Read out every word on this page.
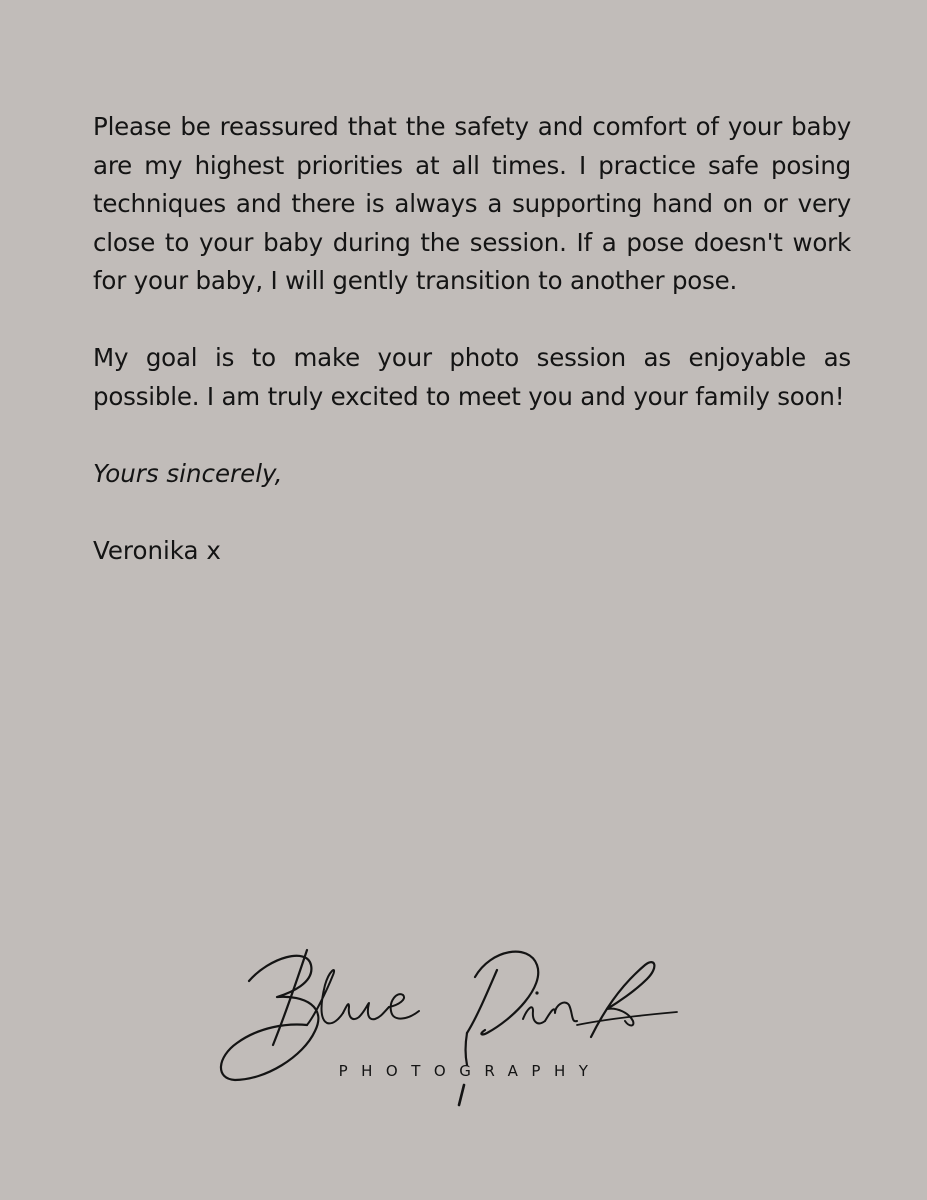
Please be reassured that the safety and comfort of your baby are my highest priorities at all times. I practice safe posing techniques and there is always a supporting hand on or very close to your baby during the session. If a pose doesn't work for your baby, I will gently transition to another pose.

My goal is to make your photo session as enjoyable as possible. I am truly excited to meet you and your family soon!

Yours sincerely,

Veronika x

PHOTOGRAPHY
